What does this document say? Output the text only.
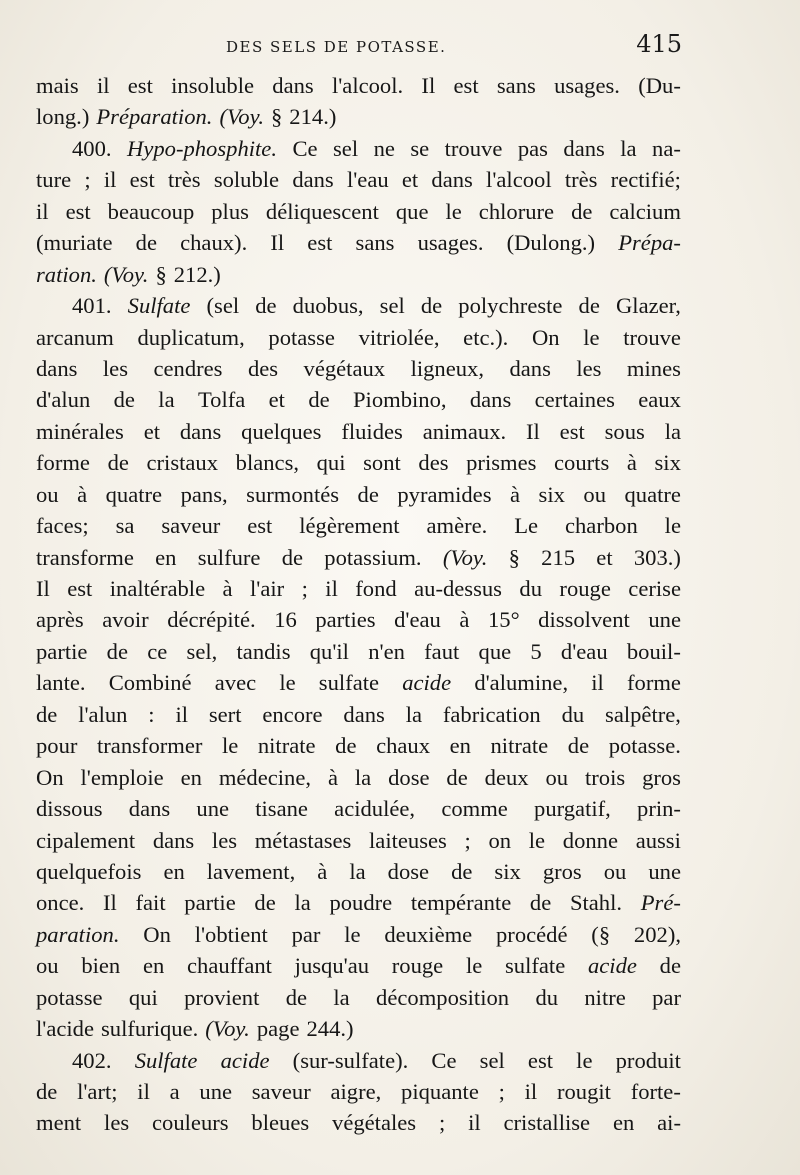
DES SELS DE POTASSE.	415
mais il est insoluble dans l'alcool. Il est sans usages. (Du-
long.) Préparation. (Voy. § 214.)
400. Hypo-phosphite. Ce sel ne se trouve pas dans la na-
ture ; il est très soluble dans l'eau et dans l'alcool très rectifié;
il est beaucoup plus déliquescent que le chlorure de calcium
(muriate de chaux). Il est sans usages. (Dulong.) Prépa-
ration. (Voy. § 212.)
401. Sulfate (sel de duobus, sel de polychreste de Glazer,
arcanum duplicatum, potasse vitriolée, etc.). On le trouve
dans les cendres des végétaux ligneux, dans les mines
d'alun de la Tolfa et de Piombino, dans certaines eaux
minérales et dans quelques fluides animaux. Il est sous la
forme de cristaux blancs, qui sont des prismes courts à six
ou à quatre pans, surmontés de pyramides à six ou quatre
faces; sa saveur est légèrement amère. Le charbon le
transforme en sulfure de potassium. (Voy. § 215 et 303.)
Il est inaltérable à l'air ; il fond au-dessus du rouge cerise
après avoir décrépité. 16 parties d'eau à 15° dissolvent une
partie de ce sel, tandis qu'il n'en faut que 5 d'eau bouil-
lante. Combiné avec le sulfate acide d'alumine, il forme
de l'alun : il sert encore dans la fabrication du salpêtre,
pour transformer le nitrate de chaux en nitrate de potasse.
On l'emploie en médecine, à la dose de deux ou trois gros
dissous dans une tisane acidulée, comme purgatif, prin-
cipalement dans les métastases laiteuses ; on le donne aussi
quelquefois en lavement, à la dose de six gros ou une
once. Il fait partie de la poudre tempérante de Stahl. Pré-
paration. On l'obtient par le deuxième procédé (§ 202),
ou bien en chauffant jusqu'au rouge le sulfate acide de
potasse qui provient de la décomposition du nitre par
l'acide sulfurique. (Voy. page 244.)
402. Sulfate acide (sur-sulfate). Ce sel est le produit
de l'art; il a une saveur aigre, piquante ; il rougit forte-
ment les couleurs bleues végétales ; il cristallise en ai-
